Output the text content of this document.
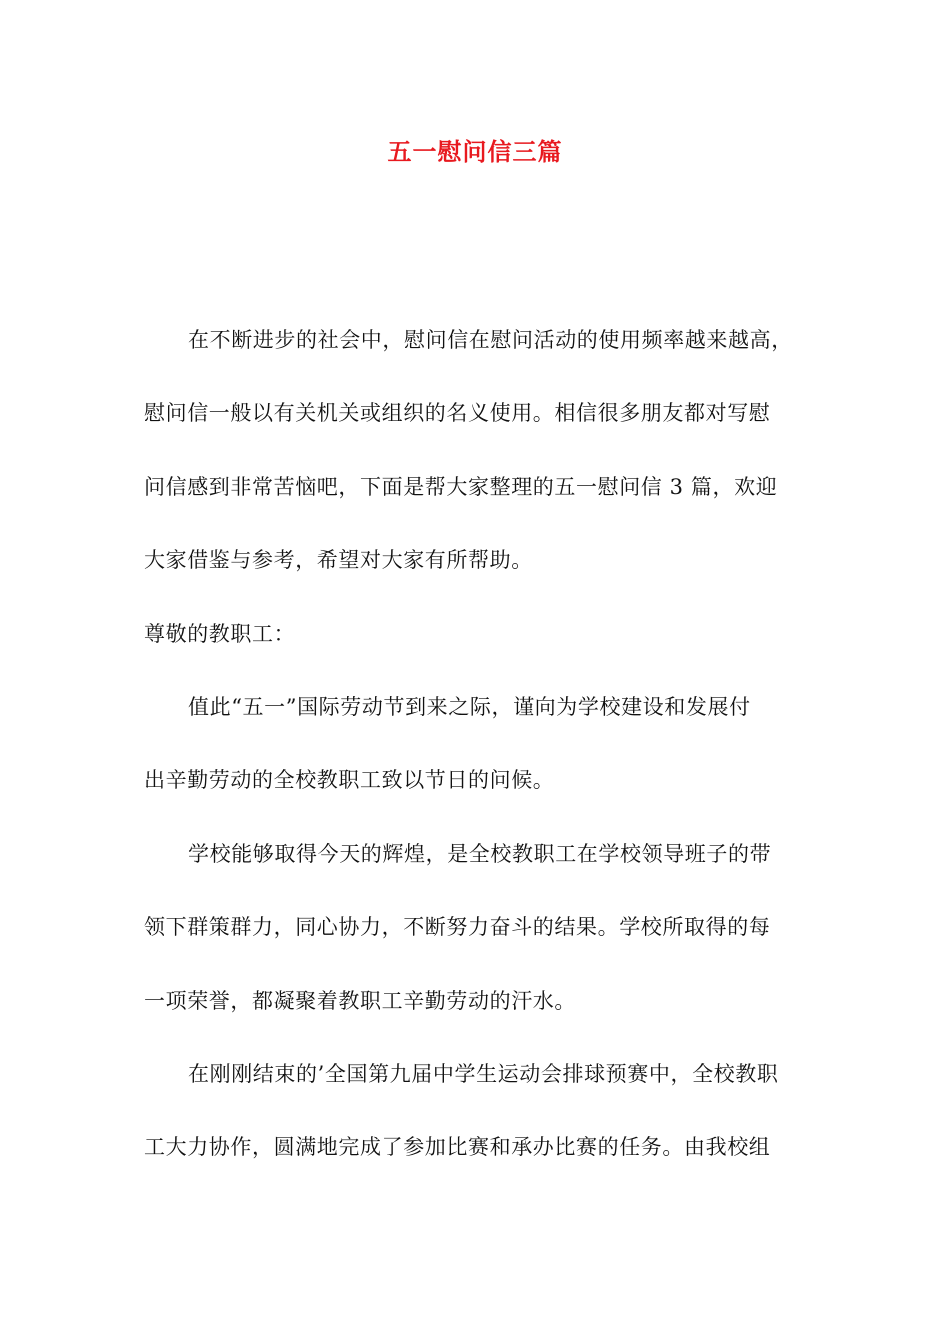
五一慰问信三篇

在不断进步的社会中，慰问信在慰问活动的使用频率越来越高，

慰问信一般以有关机关或组织的名义使用。相信很多朋友都对写慰

问信感到非常苦恼吧，下面是帮大家整理的五一慰问信 3 篇，欢迎

大家借鉴与参考，希望对大家有所帮助。

尊敬的教职工：

值此“五一”国际劳动节到来之际，谨向为学校建设和发展付

出辛勤劳动的全校教职工致以节日的问候。

学校能够取得今天的辉煌，是全校教职工在学校领导班子的带

领下群策群力，同心协力，不断努力奋斗的结果。学校所取得的每

一项荣誉，都凝聚着教职工辛勤劳动的汗水。

在刚刚结束的’全国第九届中学生运动会排球预赛中，全校教职

工大力协作，圆满地完成了参加比赛和承办比赛的任务。由我校组
